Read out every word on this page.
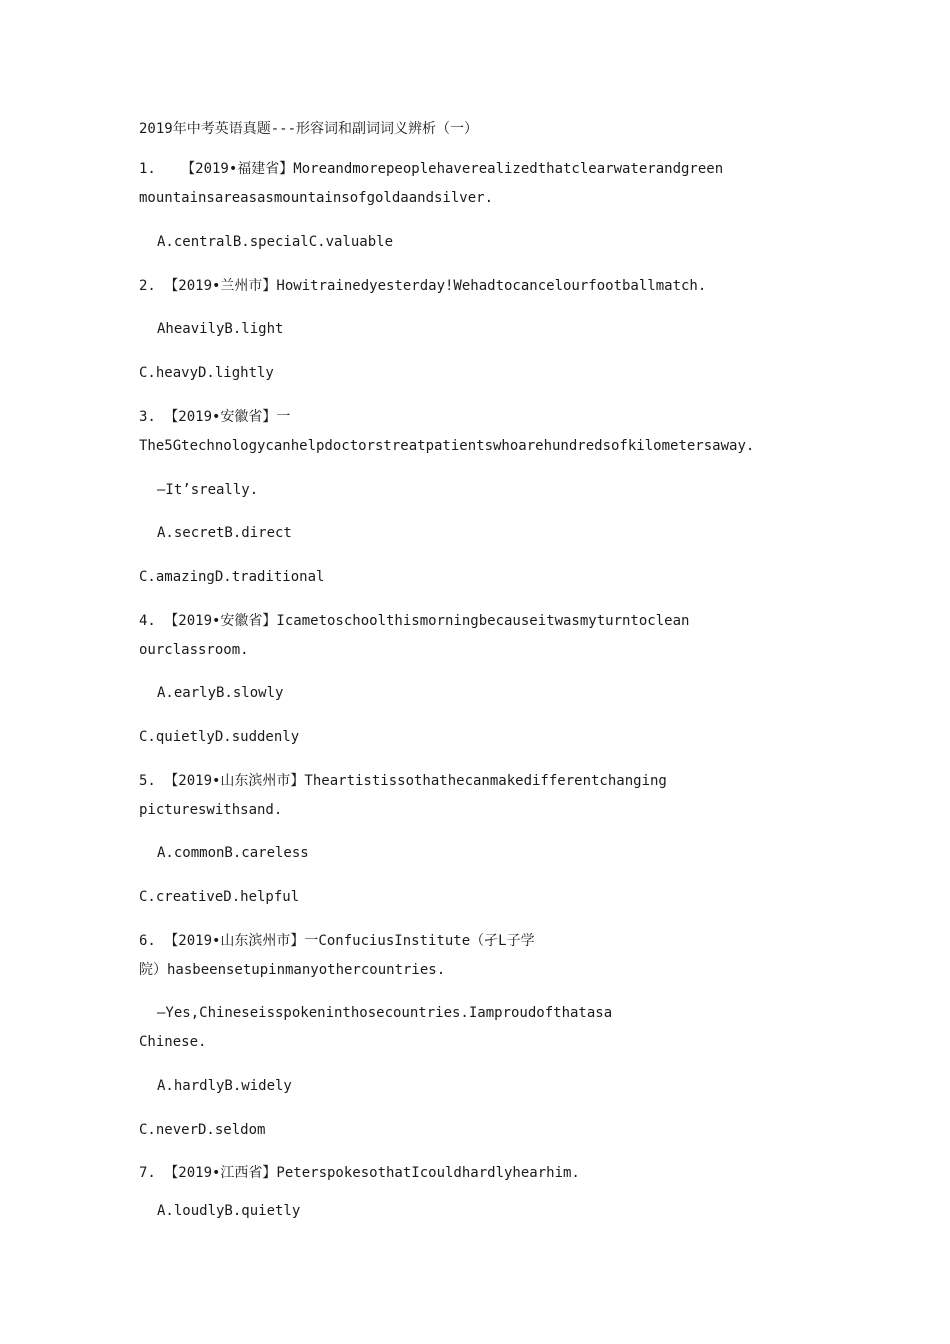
2019年中考英语真题---形容词和副词词义辨析（一）
1.   【2019•福建省】Moreandmorepeoplehaverealizedthatclearwaterandgreen
mountainsareasasmountainsofgoldaandsilver.
A.centralB.specialC.valuable
2. 【2019•兰州市】Howitrainedyesterday!Wehadtocancelourfootballmatch.
AheavilyB.light
C.heavyD.lightly
3. 【2019•安徽省】一
The5Gtechnologycanhelpdoctorstreatpatientswhoarehundredsofkilometersaway.
—It’sreally.
A.secretB.direct
C.amazingD.traditional
4. 【2019•安徽省】Icametoschoolthismorningbecauseitwasmyturntoclean
ourclassroom.
A.earlyB.slowly
C.quietlyD.suddenly
5. 【2019•山东滨州市】Theartistissothathecanmakedifferentchanging
pictureswithsand.
A.commonB.careless
C.creativeD.helpful
6. 【2019•山东滨州市】一ConfuciusInstitute（孑L子学
院）hasbeensetupinmanyothercountries.
—Yes,Chineseisspokeninthosecountries.Iamproudofthatasa
Chinese.
A.hardlyB.widely
C.neverD.seldom
7. 【2019•江西省】PeterspokesothatIcouldhardlyhearhim.
A.loudlyB.quietly
